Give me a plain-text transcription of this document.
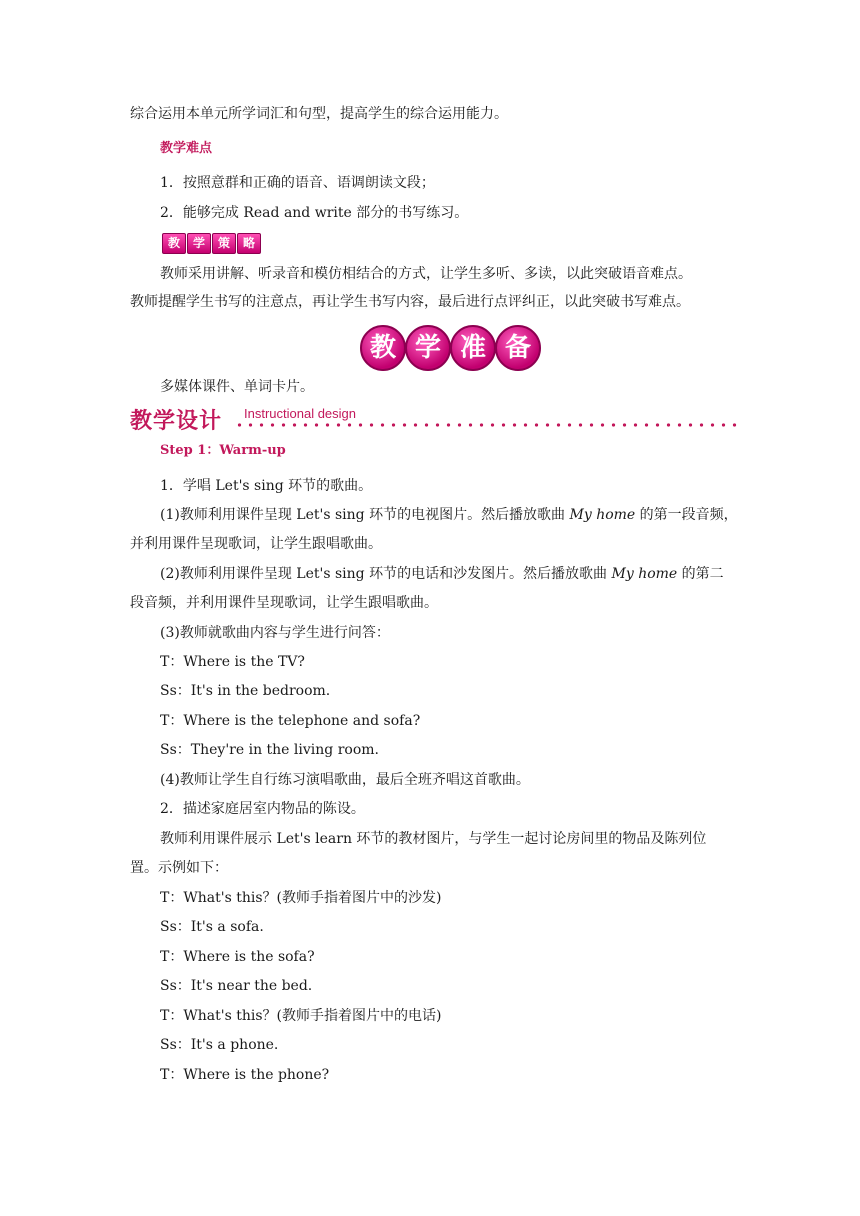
综合运用本单元所学词汇和句型，提高学生的综合运用能力。
教学难点
1．按照意群和正确的语音、语调朗读文段；
2．能够完成 Read and write 部分的书写练习。
教	学	策	略
教师采用讲解、听录音和模仿相结合的方式，让学生多听、多读，以此突破语音难点。
教师提醒学生书写的注意点，再让学生书写内容，最后进行点评纠正，以此突破书写难点。
教 学 准 备
多媒体课件、单词卡片。
教学设计 Instructional design
Step 1：Warm-up
1．学唱 Let's sing 环节的歌曲。
(1)教师利用课件呈现 Let's sing 环节的电视图片。然后播放歌曲 My home 的第一段音频，
并利用课件呈现歌词，让学生跟唱歌曲。
(2)教师利用课件呈现 Let's sing 环节的电话和沙发图片。然后播放歌曲 My home 的第二
段音频，并利用课件呈现歌词，让学生跟唱歌曲。
(3)教师就歌曲内容与学生进行问答：
T：Where is the TV?
Ss：It's in the bedroom.
T：Where is the telephone and sofa?
Ss：They're in the living room.
(4)教师让学生自行练习演唱歌曲，最后全班齐唱这首歌曲。
2．描述家庭居室内物品的陈设。
教师利用课件展示 Let's learn 环节的教材图片，与学生一起讨论房间里的物品及陈列位
置。示例如下：
T：What's this？(教师手指着图片中的沙发)
Ss：It's a sofa.
T：Where is the sofa?
Ss：It's near the bed.
T：What's this？(教师手指着图片中的电话)
Ss：It's a phone.
T：Where is the phone?
